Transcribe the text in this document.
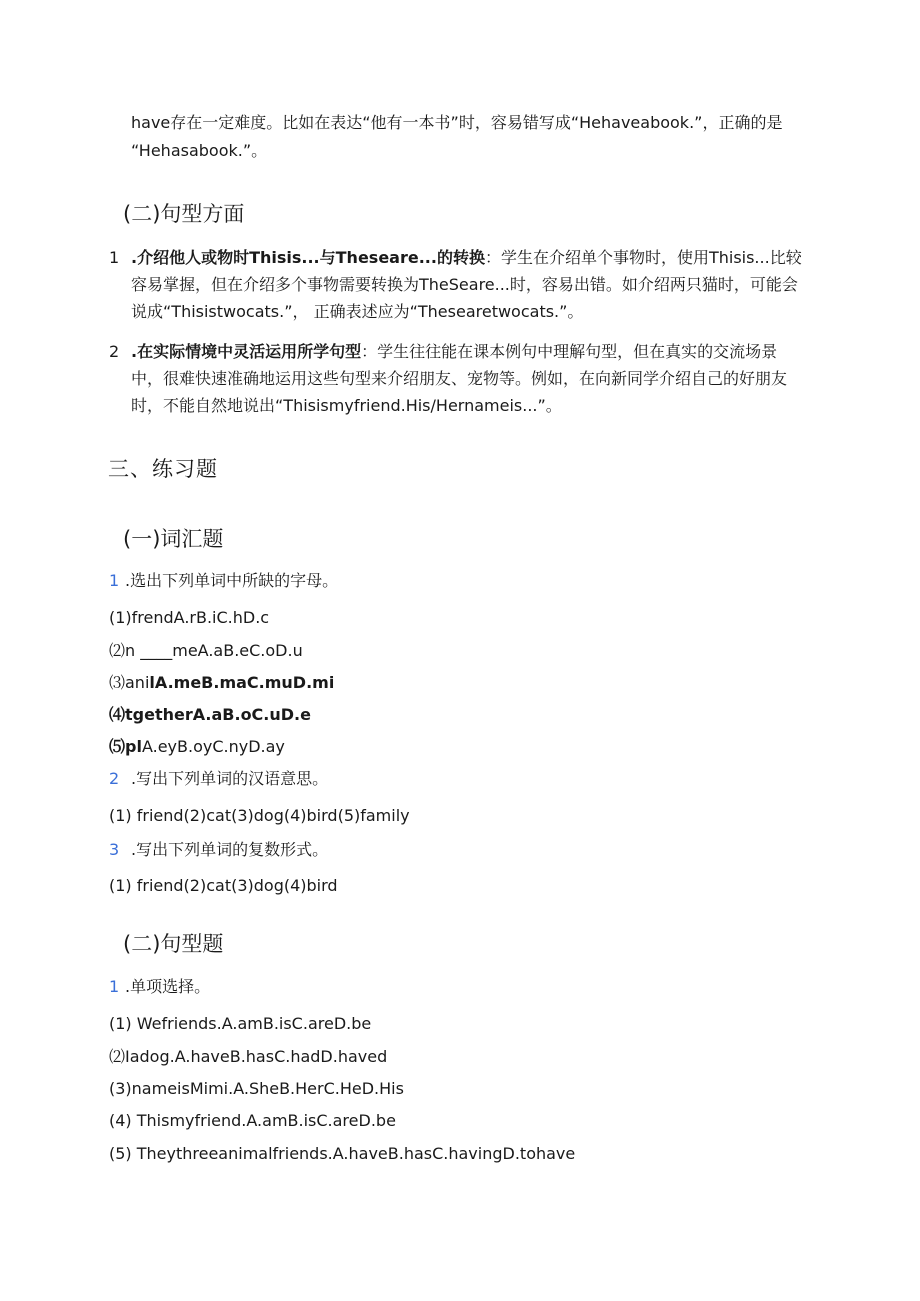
have存在一定难度。比如在表达“他有一本书”时，容易错写成“Hehaveabook.”，正确的是
“Hehasabook.”。
(二)句型方面
1 .介绍他人或物时Thisis...与Theseare...的转换：学生在介绍单个事物时，使用Thisis...比较容易掌握，但在介绍多个事物需要转换为TheSeare...时，容易出错。如介绍两只猫时，可能会说成“Thisistwocats.”， 正确表述应为“Thesearetwocats.”。
2 .在实际情境中灵活运用所学句型：学生往往能在课本例句中理解句型，但在真实的交流场景中，很难快速准确地运用这些句型来介绍朋友、宠物等。例如，在向新同学介绍自己的好朋友时，不能自然地说出“Thisismyfriend.His/Hernameis...”。
三、练习题
(一)词汇题
1 .选出下列单词中所缺的字母。
(1)frendA.rB.iC.hD.c
⑵n ____meA.aB.eC.oD.u
⑶anilA.meB.maC.muD.mi
⑷tgetherA.aB.oC.uD.e
⑸plA.eyB.oyC.nyD.ay
2 .写出下列单词的汉语意思。
(1) friend(2)cat(3)dog(4)bird(5)family
3 .写出下列单词的复数形式。
(1) friend(2)cat(3)dog(4)bird
(二)句型题
1 .单项选择。
(1) Wefriends.A.amB.isC.areD.be
⑵Iadog.A.haveB.hasC.hadD.haved
(3)nameisMimi.A.SheB.HerC.HeD.His
(4) Thismyfriend.A.amB.isC.areD.be
(5) Theythreeanimalfriends.A.haveB.hasC.havingD.tohave
